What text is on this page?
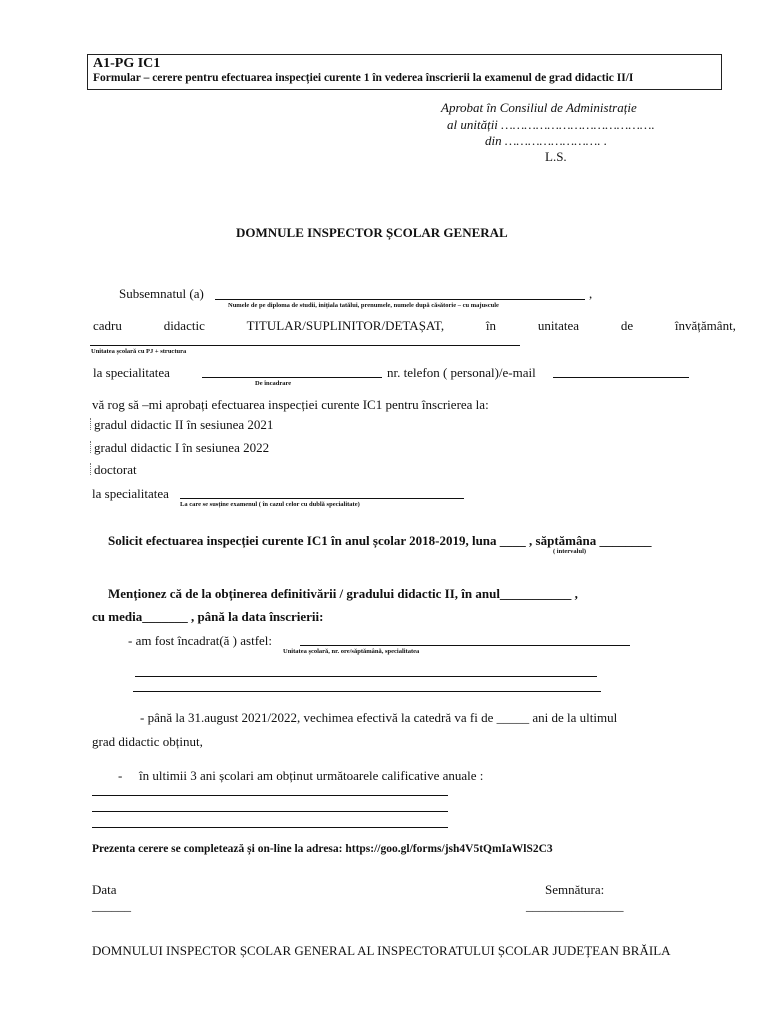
A1-PG IC1
Formular – cerere pentru efectuarea inspecției curente 1 în vederea înscrierii la examenul de grad didactic II/I
Aprobat în Consiliul de Administrație
al unității ………………………………….
din ……………………. .
L.S.
DOMNULE INSPECTOR ȘCOLAR GENERAL
Subsemnatul (a)	,
Numele de pe diploma de studii, inițiala tatălui, prenumele, numele după căsătorie – cu majuscule
cadru	didactic	TITULAR/SUPLINITOR/DETAȘAT,	în	unitatea	de	învățământ,
Unitatea școlară cu PJ + structura
la specialitatea
De încadrare
nr. telefon ( personal)/e-mail
vă rog să –mi aprobați efectuarea inspecției curente IC1 pentru înscrierea la:
gradul didactic II în sesiunea 2021
gradul didactic I în sesiunea 2022
doctorat
la specialitatea
La care se susține examenul ( în cazul celor cu dublă specialitate)
Solicit efectuarea inspecției curente IC1 în anul școlar 2018-2019, luna ____ , săptămâna ________
( intervalul)
Menționez că de la obținerea definitivării / gradului didactic II, în anul___________ ,
cu media_______ , până la data înscrierii:
- am fost încadrat(ă ) astfel:
Unitatea școlară, nr. ore/săptămână, specialitatea
- până la 31.august 2021/2022, vechimea efectivă la catedră va fi de _____ ani de la ultimul
grad didactic obținut,
- în ultimii 3 ani școlari am obținut următoarele calificative anuale :
Prezenta cerere se completează și on-line la adresa: https://goo.gl/forms/jsh4V5tQmIaWlS2C3
Data
______
Semnătura:
_______________
DOMNULUI INSPECTOR ȘCOLAR GENERAL AL INSPECTORATULUI ȘCOLAR JUDEȚEAN BRĂILA
